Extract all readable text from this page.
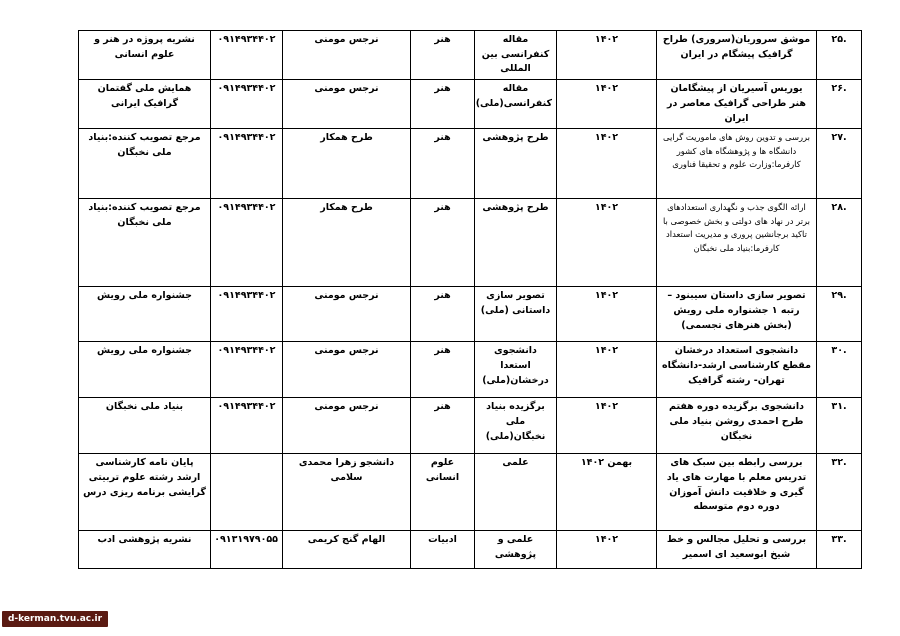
.۲۵	موشق سروریان(سروری) طراح گرافیک پیشگام در ایران	۱۴۰۲	مقاله کنفرانسی بین المللی	هنر	نرجس مومنی	۰۹۱۴۹۳۴۴۰۲	نشریه پروژه در هنر و علوم انسانی
.۲۶	یوریس آسیریان از پیشگامان هنر طراحی گرافیک معاصر در ایران	۱۴۰۲	مقاله کنفرانسی(ملی)	هنر	نرجس مومنی	۰۹۱۴۹۳۴۴۰۲	همایش ملی گفتمان گرافیک ایرانی
.۲۷	بررسی و تدوین روش های ماموریت گرایی دانشگاه ها و پژوهشگاه های کشور کارفرما:وزارت علوم و تحقیقا فناوری	۱۴۰۲	طرح پژوهشی	هنر	طرح همکار	۰۹۱۴۹۳۴۴۰۲	مرجع تصویب کننده:بنیاد ملی نخبگان
.۲۸	ارائه الگوی جذب و نگهداری استعدادهای برتر در نهاد های دولتی و بخش خصوصی با تاکید برجانشین پروری و مدیریت استعداد کارفرما:بنیاد ملی نخبگان	۱۴۰۲	طرح پژوهشی	هنر	طرح همکار	۰۹۱۴۹۳۴۴۰۲	مرجع تصویب کننده:بنیاد ملی نخبگان
.۲۹	تصویر سازی داستان سیبنود – رتبه ۱ جشنواره ملی رویش (بخش هنرهای تجسمی)	۱۴۰۲	تصویر سازی داستانی (ملی)	هنر	نرجس مومنی	۰۹۱۴۹۳۴۴۰۲	جشنواره ملی رویش
.۳۰	دانشجوی استعداد درخشان مقطع کارشناسی ارشد-دانشگاه تهران- رشته گرافیک	۱۴۰۲	دانشجوی استعدا درخشان(ملی)	هنر	نرجس مومنی	۰۹۱۴۹۳۴۴۰۲	جشنواره ملی رویش
.۳۱	دانشجوی برگزیده دوره هفتم طرح احمدی روشن بنیاد ملی نخبگان	۱۴۰۲	برگزیده بنیاد ملی نخبگان(ملی)	هنر	نرجس مومنی	۰۹۱۴۹۳۴۴۰۲	بنیاد ملی نخبگان
.۳۲	بررسی رابطه بین سبک های تدریس معلم با مهارت های یاد گیری و خلاقیت دانش آموزان دوره دوم متوسطه	بهمن ۱۴۰۲	علمی	علوم انسانی	دانشجو زهرا محمدی سلامی		پایان نامه کارشناسی ارشد رشته علوم تربیتی گرایشی برنامه ریزی درس
.۳۳	بررسی و تحلیل مجالس و خط شیخ ابوسعید ای اسمیر	۱۴۰۲	علمی و پژوهشی	ادبیات	الهام گنج کریمی	۰۹۱۳۱۹۷۹۰۵۵	نشریه پژوهشی ادب
d-kerman.tvu.ac.ir
